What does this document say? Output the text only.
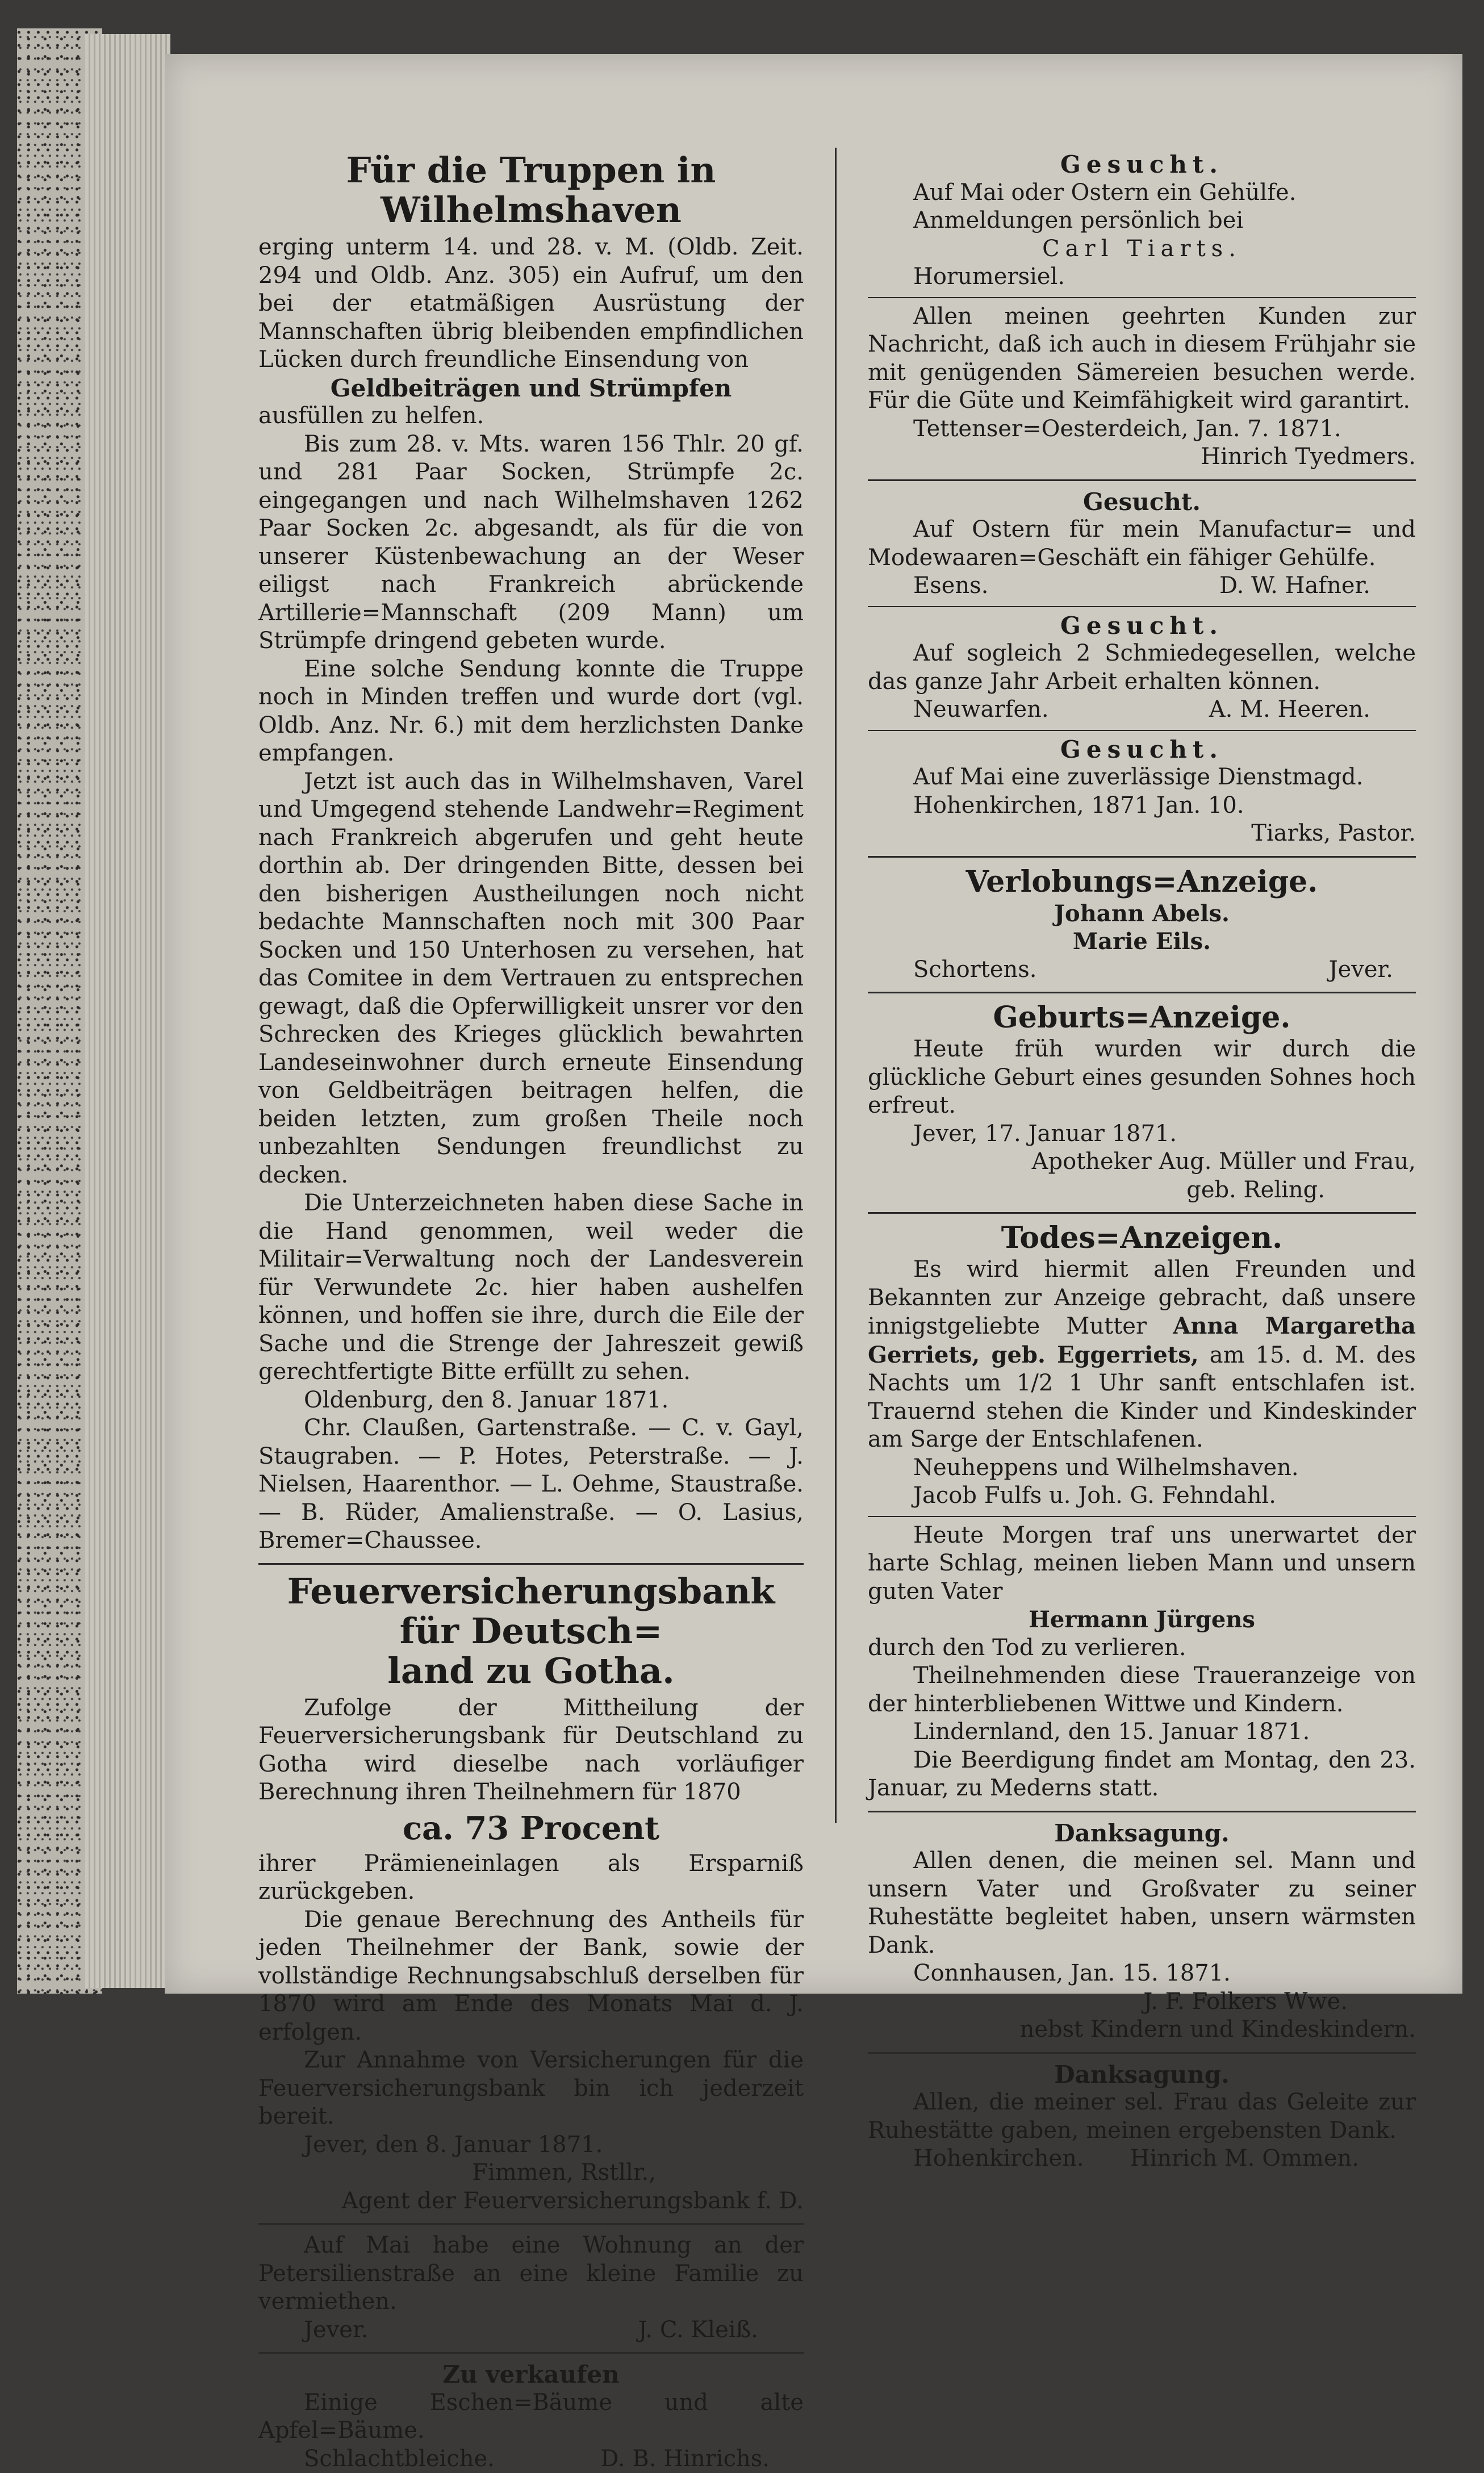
Für die Truppen in Wilhelmshaven

erging unterm 14. und 28. v. M. (Oldb. Zeit. 294 und Oldb. Anz. 305) ein Aufruf, um den bei der etatmäßigen Ausrüstung der Mannschaften übrig bleibenden empfindlichen Lücken durch freundliche Einsendung von

Geldbeiträgen und Strümpfen

ausfüllen zu helfen.

Bis zum 28. v. Mts. waren 156 Thlr. 20 gf. und 281 Paar Socken, Strümpfe 2c. eingegangen und nach Wilhelmshaven 1262 Paar Socken 2c. abgesandt, als für die von unserer Küstenbewachung an der Weser eiligst nach Frankreich abrückende Artillerie=Mannschaft (209 Mann) um Strümpfe dringend gebeten wurde.

Eine solche Sendung konnte die Truppe noch in Minden treffen und wurde dort (vgl. Oldb. Anz. Nr. 6.) mit dem herzlichsten Danke empfangen.

Jetzt ist auch das in Wilhelmshaven, Varel und Umgegend stehende Landwehr=Regiment nach Frankreich abgerufen und geht heute dorthin ab. Der dringenden Bitte, dessen bei den bisherigen Austheilungen noch nicht bedachte Mannschaften noch mit 300 Paar Socken und 150 Unterhosen zu versehen, hat das Comitee in dem Vertrauen zu entsprechen gewagt, daß die Opferwilligkeit unsrer vor den Schrecken des Krieges glücklich bewahrten Landeseinwohner durch erneute Einsendung von Geldbeiträgen beitragen helfen, die beiden letzten, zum großen Theile noch unbezahlten Sendungen freundlichst zu decken.

Die Unterzeichneten haben diese Sache in die Hand genommen, weil weder die Militair=Verwaltung noch der Landesverein für Verwundete 2c. hier haben aushelfen können, und hoffen sie ihre, durch die Eile der Sache und die Strenge der Jahreszeit gewiß gerechtfertigte Bitte erfüllt zu sehen.

Oldenburg, den 8. Januar 1871.

Chr. Claußen, Gartenstraße. — C. v. Gayl, Staugraben. — P. Hotes, Peterstraße. — J. Nielsen, Haarenthor. — L. Oehme, Staustraße. — B. Rüder, Amalienstraße. — O. Lasius, Bremer=Chaussee.

Feuerversicherungsbank für Deutsch=
land zu Gotha.

Zufolge der Mittheilung der Feuerversicherungsbank für Deutschland zu Gotha wird dieselbe nach vorläufiger Berechnung ihren Theilnehmern für 1870

ca. 73 Procent

ihrer Prämieneinlagen als Ersparniß zurückgeben.

Die genaue Berechnung des Antheils für jeden Theilnehmer der Bank, sowie der vollständige Rechnungsabschluß derselben für 1870 wird am Ende des Monats Mai d. J. erfolgen.

Zur Annahme von Versicherungen für die Feuerversicherungsbank bin ich jederzeit bereit.

Jever, den 8. Januar 1871.

Fimmen, Rstllr.,

Agent der Feuerversicherungsbank f. D.

Auf Mai habe eine Wohnung an der Petersilienstraße an eine kleine Familie zu vermiethen.

Jever.	J. C. Kleiß.
Zu verkaufen

Einige Eschen=Bäume und alte Apfel=Bäume.

Schlachtbleiche.	D. B. Hinrichs.
Gesucht.

Auf Mai oder Ostern ein Gehülfe.

Anmeldungen persönlich bei

Carl Tiarts.

Horumersiel.

Allen meinen geehrten Kunden zur Nachricht, daß ich auch in diesem Frühjahr sie mit genügenden Sämereien besuchen werde. Für die Güte und Keimfähigkeit wird garantirt.

Tettenser=Oesterdeich, Jan. 7. 1871.

Hinrich Tyedmers.

Gesucht.

Auf Ostern für mein Manufactur= und Modewaaren=Geschäft ein fähiger Gehülfe.

Esens.	D. W. Hafner.
Gesucht.

Auf sogleich 2 Schmiedegesellen, welche das ganze Jahr Arbeit erhalten können.

Neuwarfen.	A. M. Heeren.
Gesucht.

Auf Mai eine zuverlässige Dienstmagd.

Hohenkirchen, 1871 Jan. 10.

Tiarks, Pastor.

Verlobungs=Anzeige.

Johann Abels.

Marie Eils.

Schortens.	Jever.
Geburts=Anzeige.

Heute früh wurden wir durch die glückliche Geburt eines gesunden Sohnes hoch erfreut.

Jever, 17. Januar 1871.

Apotheker Aug. Müller und Frau,

geb. Reling.

Todes=Anzeigen.

Es wird hiermit allen Freunden und Bekannten zur Anzeige gebracht, daß unsere innigstgeliebte Mutter Anna Margaretha Gerriets, geb. Eggerriets, am 15. d. M. des Nachts um 1/2 1 Uhr sanft entschlafen ist. Trauernd stehen die Kinder und Kindeskinder am Sarge der Entschlafenen.

Neuheppens und Wilhelmshaven.

Jacob Fulfs u. Joh. G. Fehndahl.

Heute Morgen traf uns unerwartet der harte Schlag, meinen lieben Mann und unsern guten Vater

Hermann Jürgens

durch den Tod zu verlieren.

Theilnehmenden diese Traueranzeige von der hinterbliebenen Wittwe und Kindern.

Lindernland, den 15. Januar 1871.

Die Beerdigung findet am Montag, den 23. Januar, zu Mederns statt.

Danksagung.

Allen denen, die meinen sel. Mann und unsern Vater und Großvater zu seiner Ruhestätte begleitet haben, unsern wärmsten Dank.

Connhausen, Jan. 15. 1871.

J. F. Folkers Wwe.

nebst Kindern und Kindeskindern.

Danksagung.

Allen, die meiner sel. Frau das Geleite zur Ruhestätte gaben, meinen ergebensten Dank.

Hohenkirchen. Hinrich M. Ommen.
